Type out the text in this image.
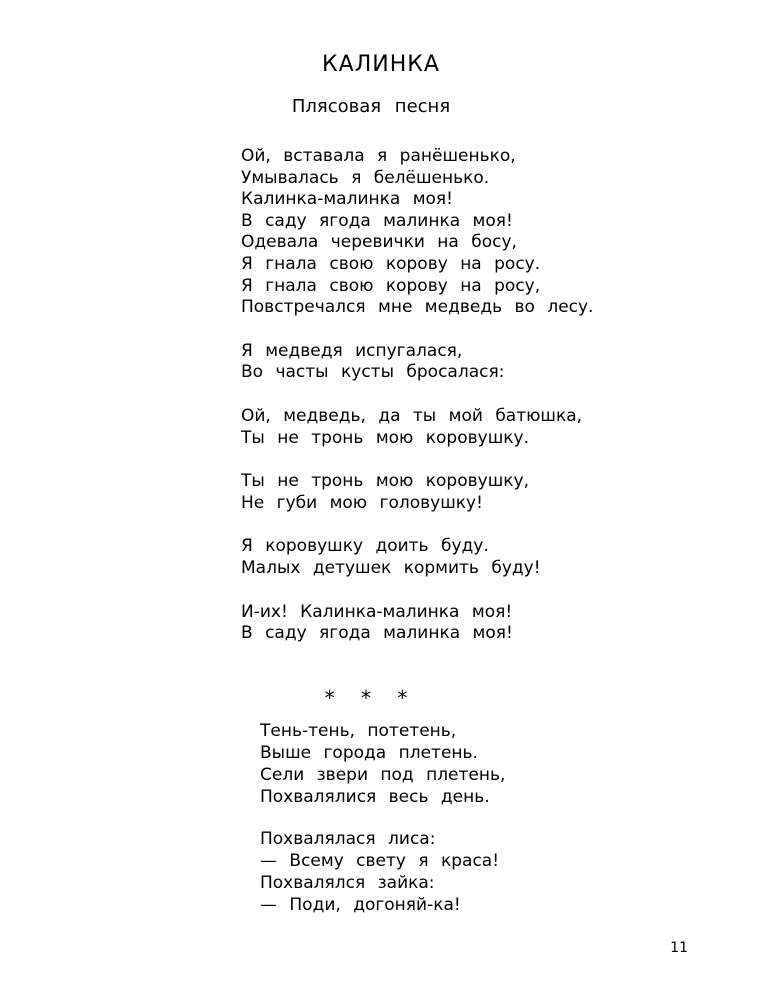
КАЛИНКА
Плясовая песня
Ой, вставала я ранёшенько,
Умывалась я белёшенько.
Калинка-малинка моя!
В саду ягода малинка моя!
Одевала черевички на босу,
Я гнала свою корову на росу.
Я гнала свою корову на росу,
Повстречался мне медведь во лесу.
Я медведя испугалася,
Во часты кусты бросалася:
Ой, медведь, да ты мой батюшка,
Ты не тронь мою коровушку.
Ты не тронь мою коровушку,
Не губи мою головушку!
Я коровушку доить буду.
Малых детушек кормить буду!
И-их! Калинка-малинка моя!
В саду ягода малинка моя!
* * *
Тень-тень, потетень,
Выше города плетень.
Сели звери под плетень,
Похвалялися весь день.
Похвалялася лиса:
— Всему свету я краса!
Похвалялся зайка:
— Поди, догоняй-ка!
11
